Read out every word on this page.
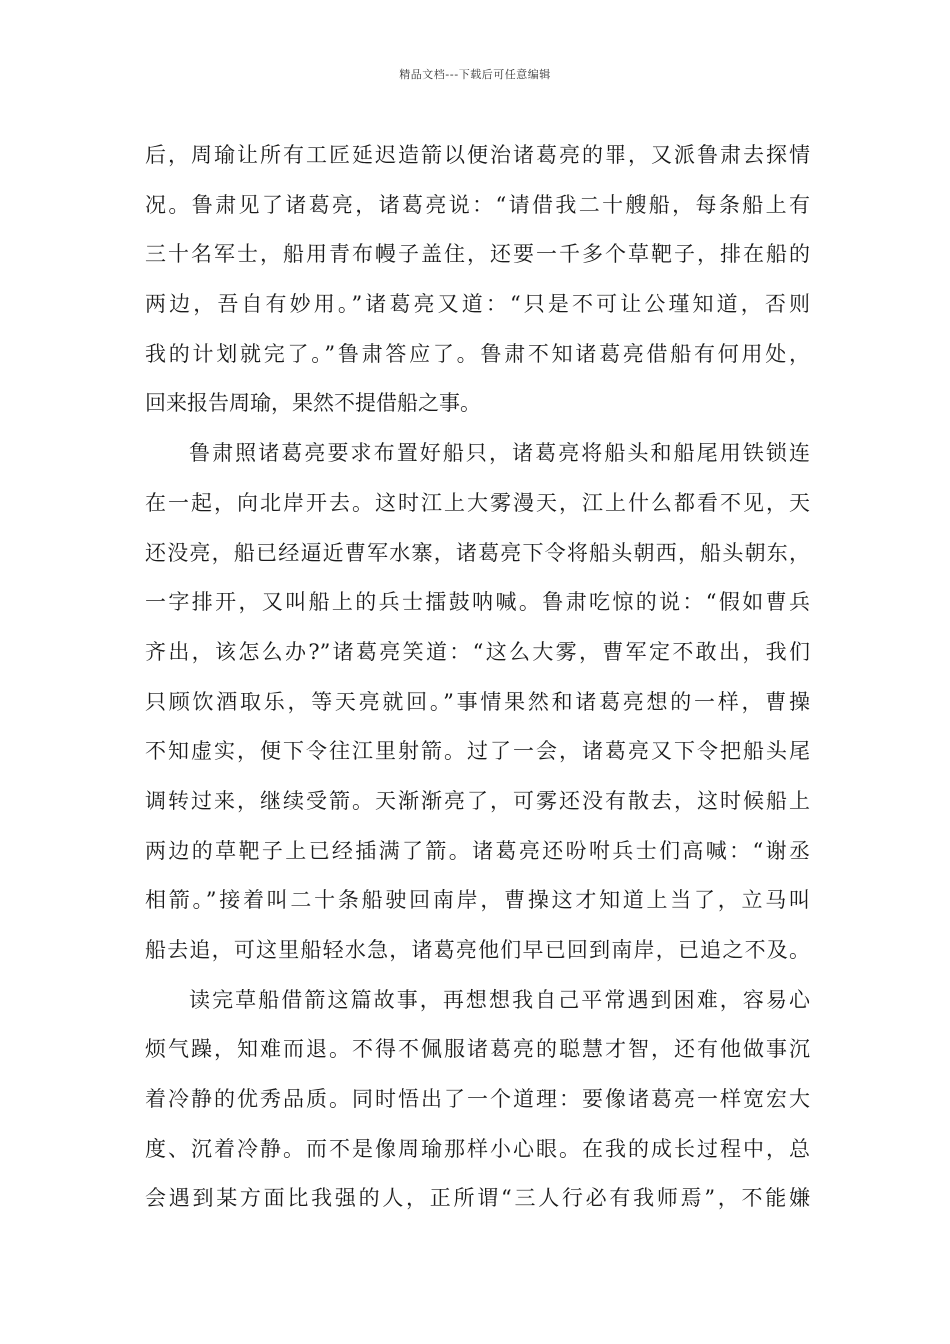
精品文档---下载后可任意编辑
后，周瑜让所有工匠延迟造箭以便治诸葛亮的罪，又派鲁肃去探情
况。鲁肃见了诸葛亮，诸葛亮说：“请借我二十艘船，每条船上有
三十名军士，船用青布幔子盖住，还要一千多个草靶子，排在船的
两边，吾自有妙用。”诸葛亮又道：“只是不可让公瑾知道，否则
我的计划就完了。”鲁肃答应了。鲁肃不知诸葛亮借船有何用处，
回来报告周瑜，果然不提借船之事。
鲁肃照诸葛亮要求布置好船只，诸葛亮将船头和船尾用铁锁连
在一起，向北岸开去。这时江上大雾漫天，江上什么都看不见，天
还没亮，船已经逼近曹军水寨，诸葛亮下令将船头朝西，船头朝东，
一字排开，又叫船上的兵士擂鼓呐喊。鲁肃吃惊的说：“假如曹兵
齐出，该怎么办?”诸葛亮笑道：“这么大雾，曹军定不敢出，我们
只顾饮酒取乐，等天亮就回。”事情果然和诸葛亮想的一样，曹操
不知虚实，便下令往江里射箭。过了一会，诸葛亮又下令把船头尾
调转过来，继续受箭。天渐渐亮了，可雾还没有散去，这时候船上
两边的草靶子上已经插满了箭。诸葛亮还吩咐兵士们高喊：“谢丞
相箭。”接着叫二十条船驶回南岸，曹操这才知道上当了，立马叫
船去追，可这里船轻水急，诸葛亮他们早已回到南岸，已追之不及。
读完草船借箭这篇故事，再想想我自己平常遇到困难，容易心
烦气躁，知难而退。不得不佩服诸葛亮的聪慧才智，还有他做事沉
着冷静的优秀品质。同时悟出了一个道理：要像诸葛亮一样宽宏大
度、沉着冷静。而不是像周瑜那样小心眼。在我的成长过程中，总
会遇到某方面比我强的人，正所谓“三人行必有我师焉”，不能嫌
